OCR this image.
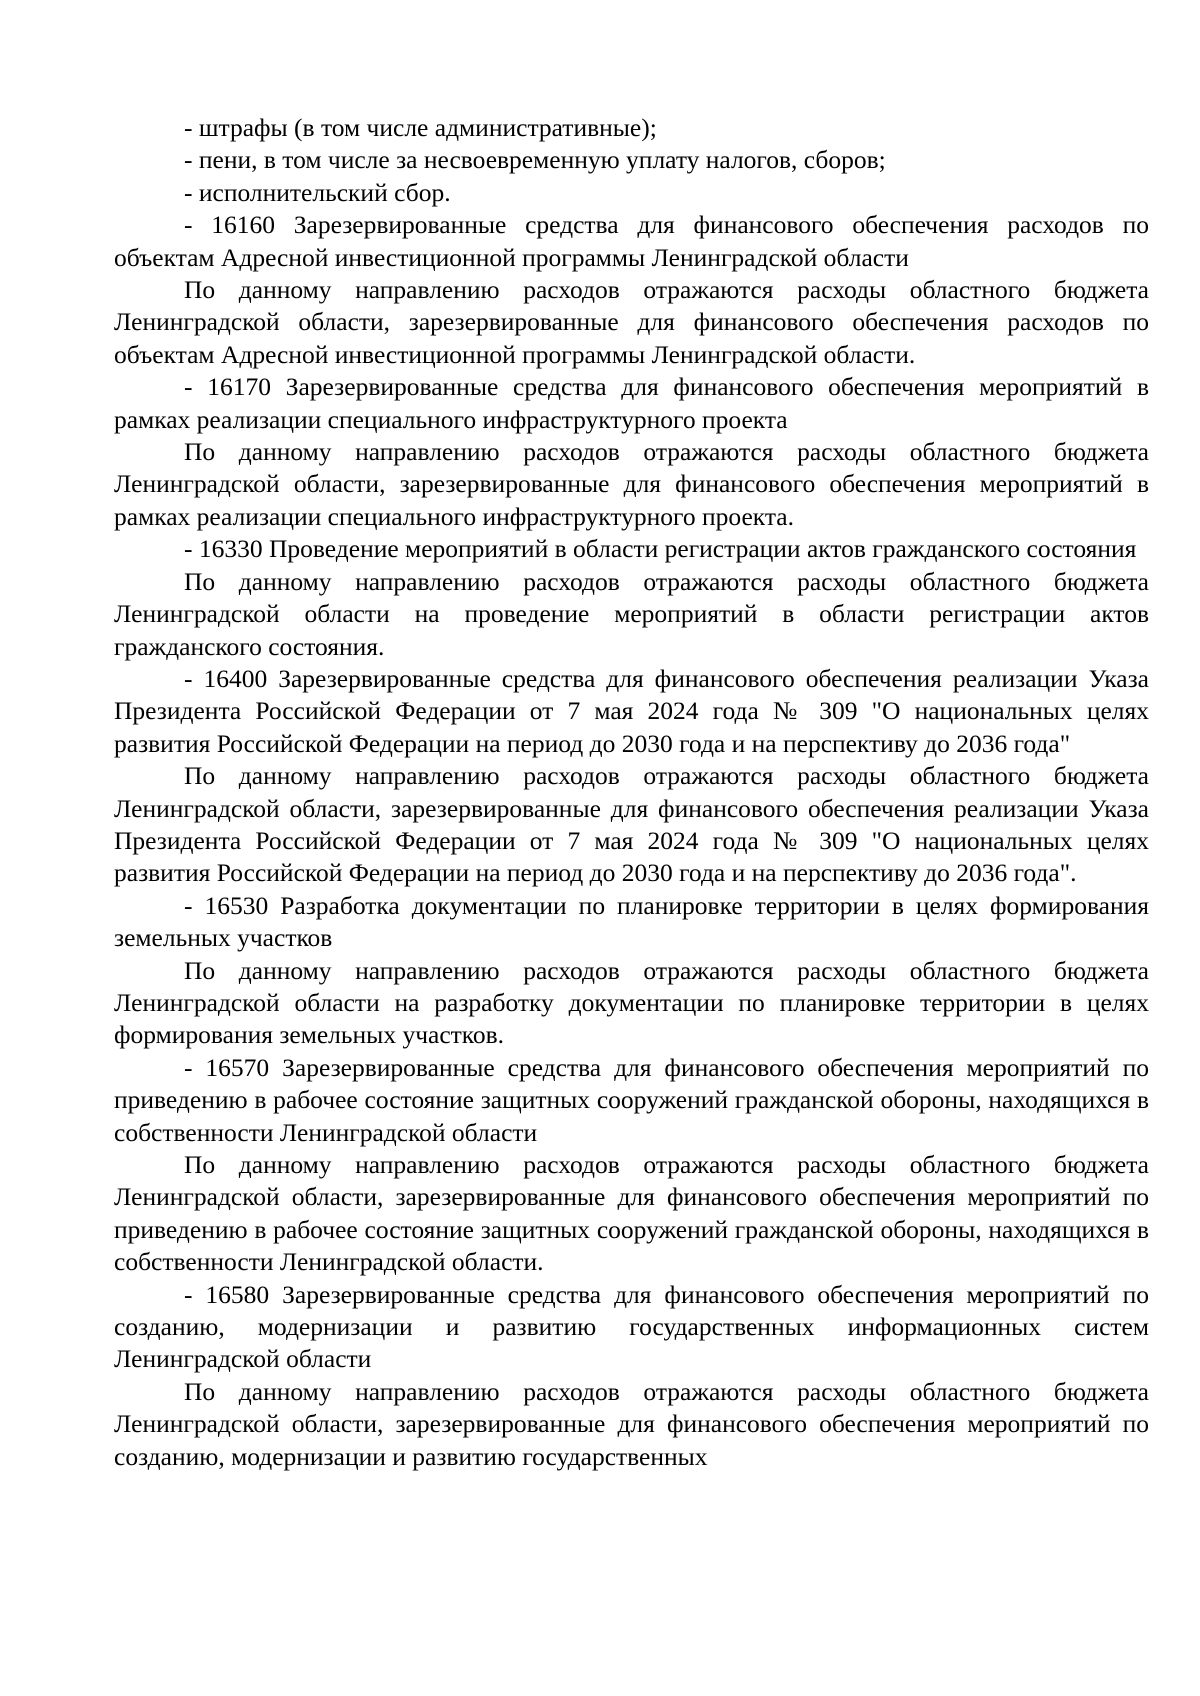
- штрафы (в том числе административные);

- пени, в том числе за несвоевременную уплату налогов, сборов;

- исполнительский сбор.

- 16160 Зарезервированные средства для финансового обеспечения расходов по объектам Адресной инвестиционной программы Ленинградской области

По данному направлению расходов отражаются расходы областного бюджета Ленинградской области, зарезервированные для финансового обеспечения расходов по объектам Адресной инвестиционной программы Ленинградской области.

- 16170 Зарезервированные средства для финансового обеспечения мероприятий в рамках реализации специального инфраструктурного проекта

По данному направлению расходов отражаются расходы областного бюджета Ленинградской области, зарезервированные для финансового обеспечения мероприятий в рамках реализации специального инфраструктурного проекта.

- 16330 Проведение мероприятий в области регистрации актов гражданского состояния

По данному направлению расходов отражаются расходы областного бюджета Ленинградской области на проведение мероприятий в области регистрации актов гражданского состояния.

- 16400 Зарезервированные средства для финансового обеспечения реализации Указа Президента Российской Федерации от 7 мая 2024 года № 309 "О национальных целях развития Российской Федерации на период до 2030 года и на перспективу до 2036 года"

По данному направлению расходов отражаются расходы областного бюджета Ленинградской области, зарезервированные для финансового обеспечения реализации Указа Президента Российской Федерации от 7 мая 2024 года № 309 "О национальных целях развития Российской Федерации на период до 2030 года и на перспективу до 2036 года".

- 16530 Разработка документации по планировке территории в целях формирования земельных участков

По данному направлению расходов отражаются расходы областного бюджета Ленинградской области на разработку документации по планировке территории в целях формирования земельных участков.

- 16570 Зарезервированные средства для финансового обеспечения мероприятий по приведению в рабочее состояние защитных сооружений гражданской обороны, находящихся в собственности Ленинградской области

По данному направлению расходов отражаются расходы областного бюджета Ленинградской области, зарезервированные для финансового обеспечения мероприятий по приведению в рабочее состояние защитных сооружений гражданской обороны, находящихся в собственности Ленинградской области.

- 16580 Зарезервированные средства для финансового обеспечения мероприятий по созданию, модернизации и развитию государственных информационных систем Ленинградской области

По данному направлению расходов отражаются расходы областного бюджета Ленинградской области, зарезервированные для финансового обеспечения мероприятий по созданию, модернизации и развитию государственных
